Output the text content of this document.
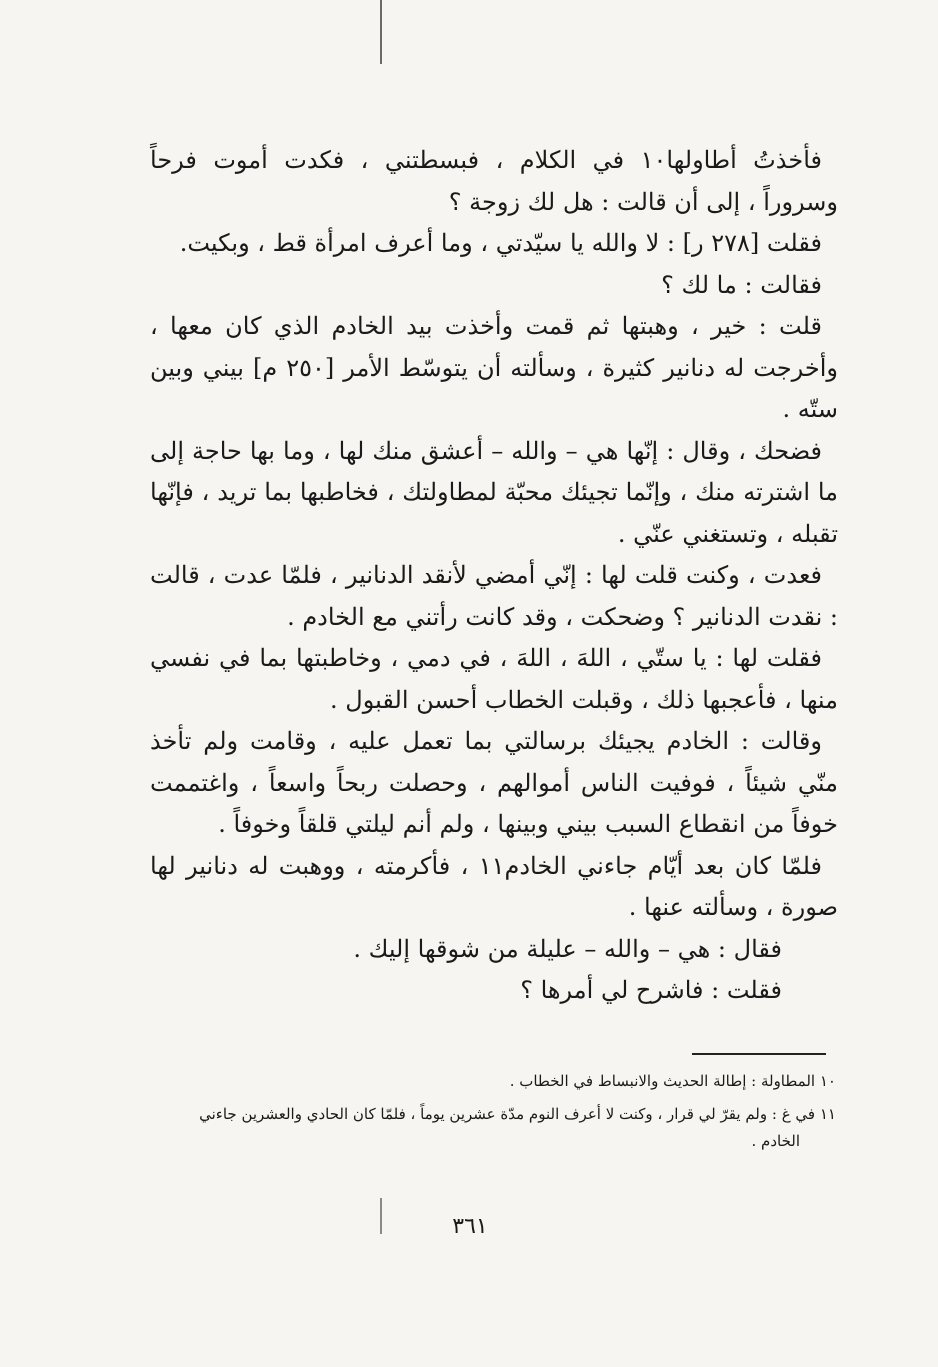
فأخذتُ أطاولها١٠ في الكلام ، فبسطتني ، فكدت أموت فرحاً وسروراً ، إلى أن قالت : هل لك زوجة ؟

فقلت [٢٧٨ ر] : لا والله يا سيّدتي ، وما أعرف امرأة قط ، وبكيت.

فقالت : ما لك ؟

قلت : خير ، وهبتها ثم قمت وأخذت بيد الخادم الذي كان معها ، وأخرجت له دنانير كثيرة ، وسألته أن يتوسّط الأمر [٢٥٠ م] بيني وبين ستّه .

فضحك ، وقال : إنّها هي – والله – أعشق منك لها ، وما بها حاجة إلى ما اشترته منك ، وإنّما تجيئك محبّة لمطاولتك ، فخاطبها بما تريد ، فإنّها تقبله ، وتستغني عنّي .

فعدت ، وكنت قلت لها : إنّي أمضي لأنقد الدنانير ، فلمّا عدت ، قالت : نقدت الدنانير ؟ وضحكت ، وقد كانت رأتني مع الخادم .

فقلت لها : يا ستّي ، اللهَ ، اللهَ ، في دمي ، وخاطبتها بما في نفسي منها ، فأعجبها ذلك ، وقبلت الخطاب أحسن القبول .

وقالت : الخادم يجيئك برسالتي بما تعمل عليه ، وقامت ولم تأخذ منّي شيئاً ، فوفيت الناس أموالهم ، وحصلت ربحاً واسعاً ، واغتممت خوفاً من انقطاع السبب بيني وبينها ، ولم أنم ليلتي قلقاً وخوفاً .

فلمّا كان بعد أيّام جاءني الخادم١١ ، فأكرمته ، ووهبت له دنانير لها صورة ، وسألته عنها .

فقال : هي – والله – عليلة من شوقها إليك .

فقلت : فاشرح لي أمرها ؟

١٠ المطاولة : إطالة الحديث والانبساط في الخطاب .

١١ في غ : ولم يقرّ لي قرار ، وكنت لا أعرف النوم مدّة عشرين يوماً ، فلمّا كان الحادي والعشرين جاءني

الخادم .

٣٦١
